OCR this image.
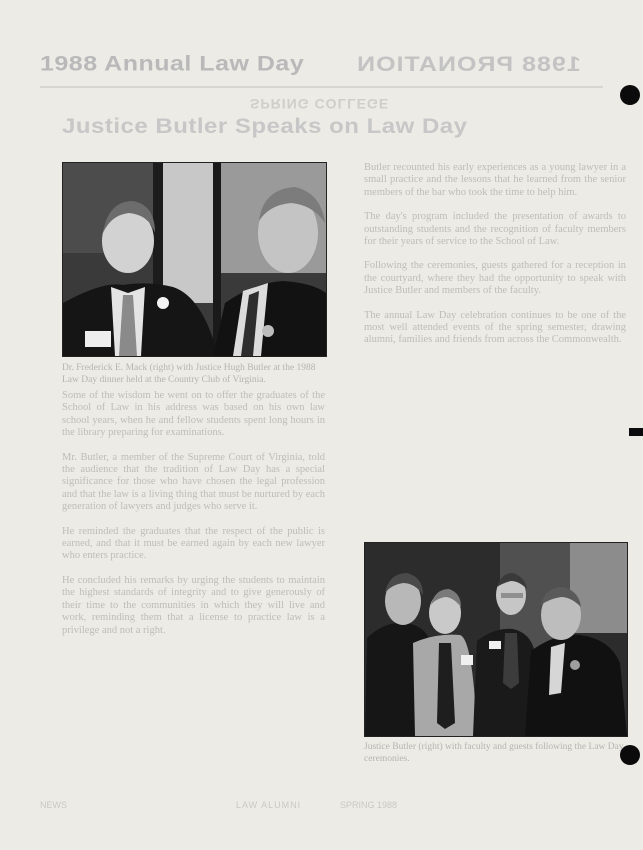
1988 Annual Law Day 1988 PRONATION
SPRING COLLEGE
Justice Butler Speaks on Law Day
Dr. Frederick E. Mack (right) with Justice Hugh Butler at the 1988 Law Day dinner held at the Country Club of Virginia.

Some of the wisdom he went on to offer the graduates of the School of Law in his address was based on his own law school years, when he and fellow students spent long hours in the library preparing for examinations.

Mr. Butler, a member of the Supreme Court of Virginia, told the audience that the tradition of Law Day has a special significance for those who have chosen the legal profession and that the law is a living thing that must be nurtured by each generation of lawyers and judges who serve it.

He reminded the graduates that the respect of the public is earned, and that it must be earned again by each new lawyer who enters practice.

He concluded his remarks by urging the students to maintain the highest standards of integrity and to give generously of their time to the communities in which they will live and work, reminding them that a license to practice law is a privilege and not a right.

Butler recounted his early experiences as a young lawyer in a small practice and the lessons that he learned from the senior members of the bar who took the time to help him.

The day's program included the presentation of awards to outstanding students and the recognition of faculty members for their years of service to the School of Law.

Following the ceremonies, guests gathered for a reception in the courtyard, where they had the opportunity to speak with Justice Butler and members of the faculty.

The annual Law Day celebration continues to be one of the most well attended events of the spring semester, drawing alumni, families and friends from across the Commonwealth.

Justice Butler (right) with faculty and guests following the Law Day ceremonies.
NEWS	LAW ALUMNI	SPRING 1988
